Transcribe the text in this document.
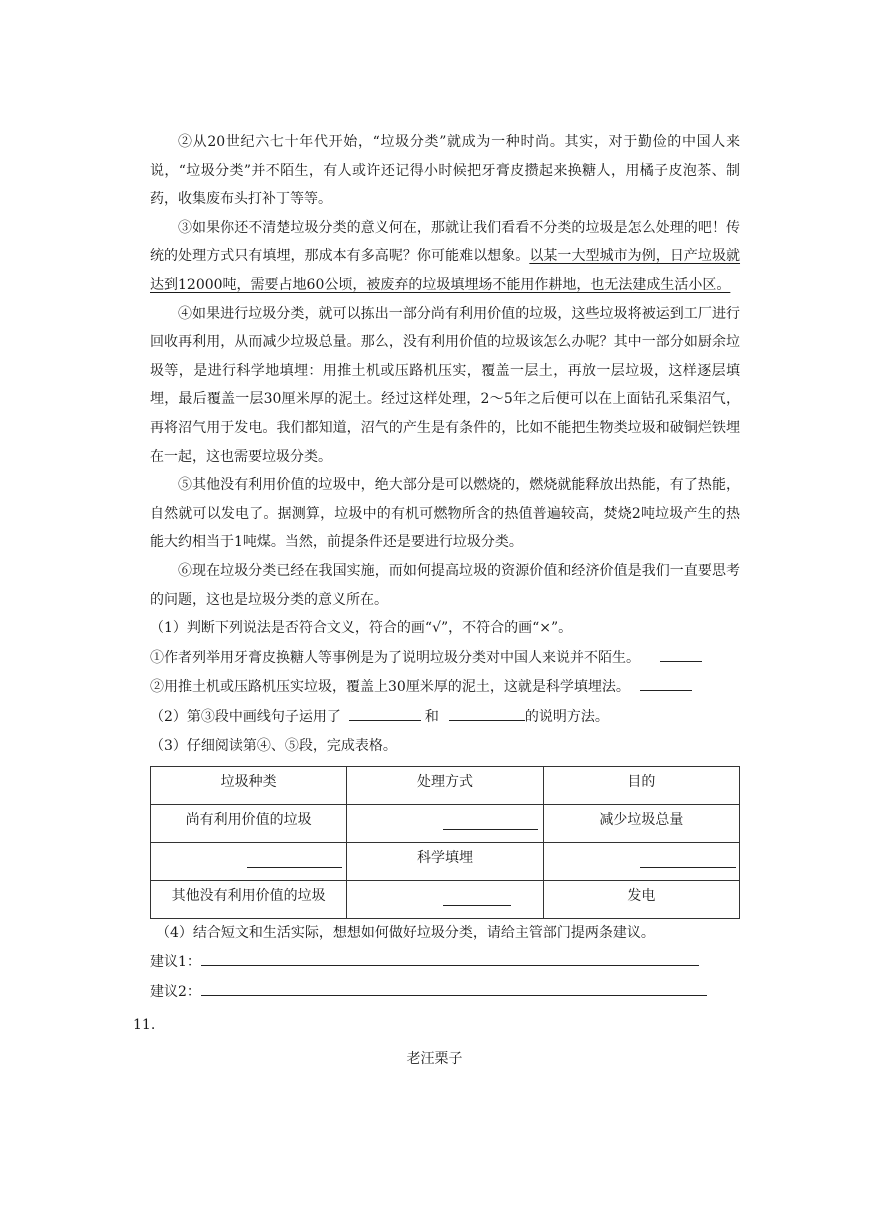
②从20世纪六七十年代开始，“垃圾分类”就成为一种时尚。其实，对于勤俭的中国人来说，“垃圾分类”并不陌生，有人或许还记得小时候把牙膏皮攒起来换糖人，用橘子皮泡茶、制药，收集废布头打补丁等等。

③如果你还不清楚垃圾分类的意义何在，那就让我们看看不分类的垃圾是怎么处理的吧！传统的处理方式只有填埋，那成本有多高呢？你可能难以想象。以某一大型城市为例，日产垃圾就达到12000吨，需要占地60公顷，被废弃的垃圾填埋场不能用作耕地，也无法建成生活小区。

④如果进行垃圾分类，就可以拣出一部分尚有利用价值的垃圾，这些垃圾将被运到工厂进行回收再利用，从而减少垃圾总量。那么，没有利用价值的垃圾该怎么办呢？其中一部分如厨余垃圾等，是进行科学地填埋：用推土机或压路机压实，覆盖一层土，再放一层垃圾，这样逐层填埋，最后覆盖一层30厘米厚的泥土。经过这样处理，2～5年之后便可以在上面钻孔采集沼气，再将沼气用于发电。我们都知道，沼气的产生是有条件的，比如不能把生物类垃圾和破铜烂铁埋在一起，这也需要垃圾分类。

⑤其他没有利用价值的垃圾中，绝大部分是可以燃烧的，燃烧就能释放出热能，有了热能，自然就可以发电了。据测算，垃圾中的有机可燃物所含的热值普遍较高，焚烧2吨垃圾产生的热能大约相当于1吨煤。当然，前提条件还是要进行垃圾分类。

⑥现在垃圾分类已经在我国实施，而如何提高垃圾的资源价值和经济价值是我们一直要思考的问题，这也是垃圾分类的意义所在。

（1）判断下列说法是否符合文义，符合的画“√”，不符合的画“×”。
①作者列举用牙膏皮换糖人等事例是为了说明垃圾分类对中国人来说并不陌生。
②用推土机或压路机压实垃圾，覆盖上30厘米厚的泥土，这就是科学填埋法。
（2）第③段中画线句子运用了	和	的说明方法。
（3）仔细阅读第④、⑤段，完成表格。
垃圾种类	处理方式	目的
尚有利用价值的垃圾		减少垃圾总量

	科学填埋	

其他没有利用价值的垃圾		发电
（4）结合短文和生活实际，想想如何做好垃圾分类，请给主管部门提两条建议。
建议1：
建议2：
11.
老汪栗子
